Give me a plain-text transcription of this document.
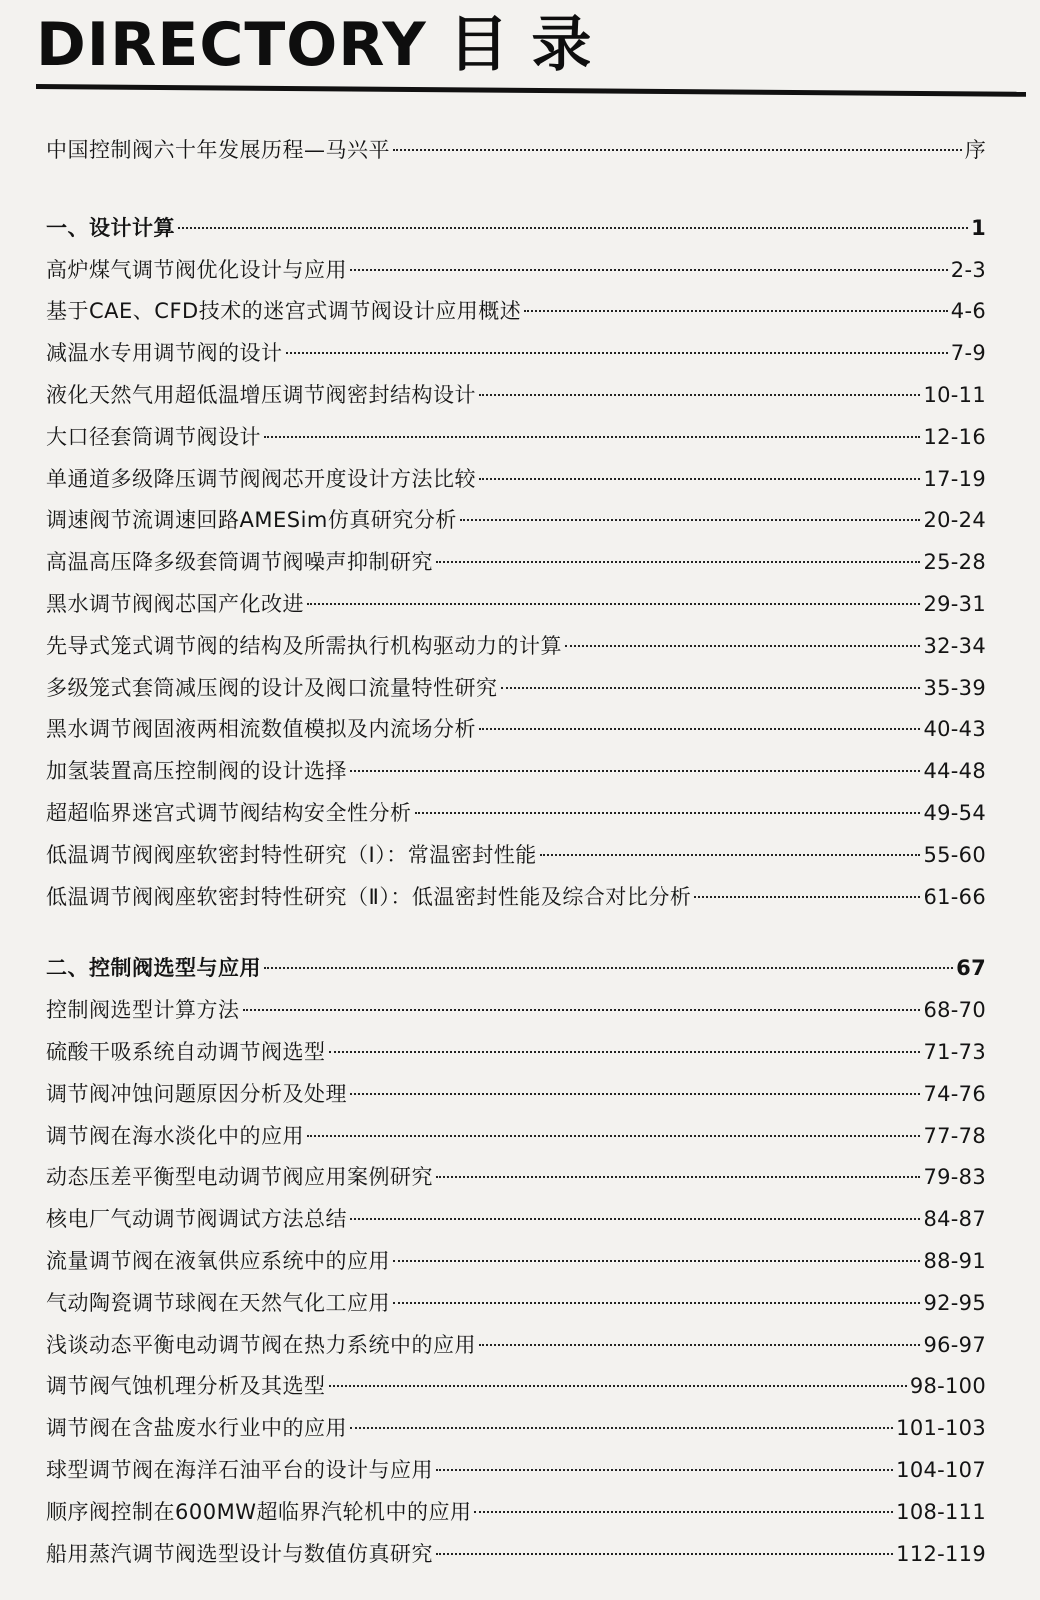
DIRECTORY 目 录
中国控制阀六十年发展历程—马兴平	序
一、设计计算	1
高炉煤气调节阀优化设计与应用	2-3
基于CAE、CFD技术的迷宫式调节阀设计应用概述	4-6
减温水专用调节阀的设计	7-9
液化天然气用超低温增压调节阀密封结构设计	10-11
大口径套筒调节阀设计	12-16
单通道多级降压调节阀阀芯开度设计方法比较	17-19
调速阀节流调速回路AMESim仿真研究分析	20-24
高温高压降多级套筒调节阀噪声抑制研究	25-28
黑水调节阀阀芯国产化改进	29-31
先导式笼式调节阀的结构及所需执行机构驱动力的计算	32-34
多级笼式套筒减压阀的设计及阀口流量特性研究	35-39
黑水调节阀固液两相流数值模拟及内流场分析	40-43
加氢装置高压控制阀的设计选择	44-48
超超临界迷宫式调节阀结构安全性分析	49-54
低温调节阀阀座软密封特性研究（Ⅰ）：常温密封性能	55-60
低温调节阀阀座软密封特性研究（Ⅱ）：低温密封性能及综合对比分析	61-66
二、控制阀选型与应用	67
控制阀选型计算方法	68-70
硫酸干吸系统自动调节阀选型	71-73
调节阀冲蚀问题原因分析及处理	74-76
调节阀在海水淡化中的应用	77-78
动态压差平衡型电动调节阀应用案例研究	79-83
核电厂气动调节阀调试方法总结	84-87
流量调节阀在液氧供应系统中的应用	88-91
气动陶瓷调节球阀在天然气化工应用	92-95
浅谈动态平衡电动调节阀在热力系统中的应用	96-97
调节阀气蚀机理分析及其选型	98-100
调节阀在含盐废水行业中的应用	101-103
球型调节阀在海洋石油平台的设计与应用	104-107
顺序阀控制在600MW超临界汽轮机中的应用	108-111
船用蒸汽调节阀选型设计与数值仿真研究	112-119
